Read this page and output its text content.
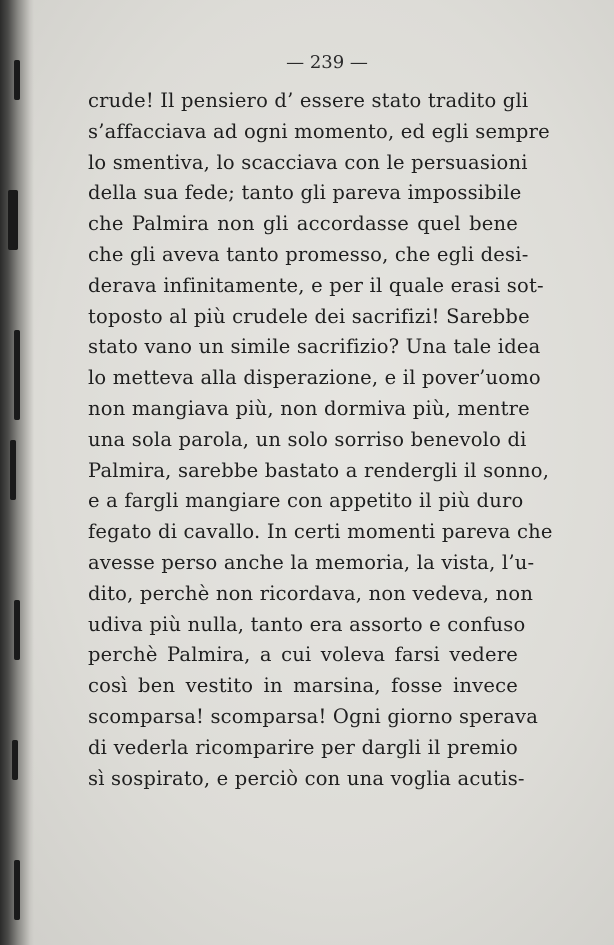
— 239 —
crude! Il pensiero d’ essere stato tradito gli
s’affacciava ad ogni momento, ed egli sempre
lo smentiva, lo scacciava con le persuasioni
della sua fede; tanto gli pareva impossibile
che Palmira non gli accordasse quel bene
che gli aveva tanto promesso, che egli desi-
derava infinitamente, e per il quale erasi sot-
toposto al più crudele dei sacrifizi! Sarebbe
stato vano un simile sacrifizio? Una tale idea
lo metteva alla disperazione, e il pover’uomo
non mangiava più, non dormiva più, mentre
una sola parola, un solo sorriso benevolo di
Palmira, sarebbe bastato a rendergli il sonno,
e a fargli mangiare con appetito il più duro
fegato di cavallo. In certi momenti pareva che
avesse perso anche la memoria, la vista, l’u-
dito, perchè non ricordava, non vedeva, non
udiva più nulla, tanto era assorto e confuso
perchè Palmira, a cui voleva farsi vedere
così ben vestito in marsina, fosse invece
scomparsa! scomparsa! Ogni giorno sperava
di vederla ricomparire per dargli il premio
sì sospirato, e perciò con una voglia acutis-
